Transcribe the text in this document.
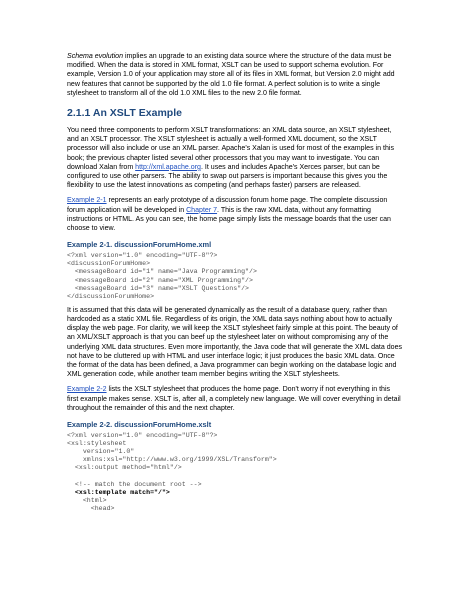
Schema evolution implies an upgrade to an existing data source where the structure of the data must be modified. When the data is stored in XML format, XSLT can be used to support schema evolution. For example, Version 1.0 of your application may store all of its files in XML format, but Version 2.0 might add new features that cannot be supported by the old 1.0 file format. A perfect solution is to write a single stylesheet to transform all of the old 1.0 XML files to the new 2.0 file format.

2.1.1 An XSLT Example

You need three components to perform XSLT transformations: an XML data source, an XSLT stylesheet, and an XSLT processor. The XSLT stylesheet is actually a well-formed XML document, so the XSLT processor will also include or use an XML parser. Apache's Xalan is used for most of the examples in this book; the previous chapter listed several other processors that you may want to investigate. You can download Xalan from http://xml.apache.org. It uses and includes Apache's Xerces parser, but can be configured to use other parsers. The ability to swap out parsers is important because this gives you the flexibility to use the latest innovations as competing (and perhaps faster) parsers are released.

Example 2-1 represents an early prototype of a discussion forum home page. The complete discussion forum application will be developed in Chapter 7. This is the raw XML data, without any formatting instructions or HTML. As you can see, the home page simply lists the message boards that the user can choose to view.

Example 2-1. discussionForumHome.xml
<?xml version="1.0" encoding="UTF-8"?>
<discussionForumHome>
<messageBoard id="1" name="Java Programming"/>
<messageBoard id="2" name="XML Programming"/>
<messageBoard id="3" name="XSLT Questions"/>
</discussionForumHome>

It is assumed that this data will be generated dynamically as the result of a database query, rather than hardcoded as a static XML file. Regardless of its origin, the XML data says nothing about how to actually display the web page. For clarity, we will keep the XSLT stylesheet fairly simple at this point. The beauty of an XML/XSLT approach is that you can beef up the stylesheet later on without compromising any of the underlying XML data structures. Even more importantly, the Java code that will generate the XML data does not have to be cluttered up with HTML and user interface logic; it just produces the basic XML data. Once the format of the data has been defined, a Java programmer can begin working on the database logic and XML generation code, while another team member begins writing the XSLT stylesheets.

Example 2-2 lists the XSLT stylesheet that produces the home page. Don't worry if not everything in this first example makes sense. XSLT is, after all, a completely new language. We will cover everything in detail throughout the remainder of this and the next chapter.

Example 2-2. discussionForumHome.xslt
<?xml version="1.0" encoding="UTF-8"?>
<xsl:stylesheet
version="1.0"
xmlns:xsl="http://www.w3.org/1999/XSL/Transform">
<xsl:output method="html"/>

<!-- match the document root -->
<xsl:template match="/">
<html>
<head>
